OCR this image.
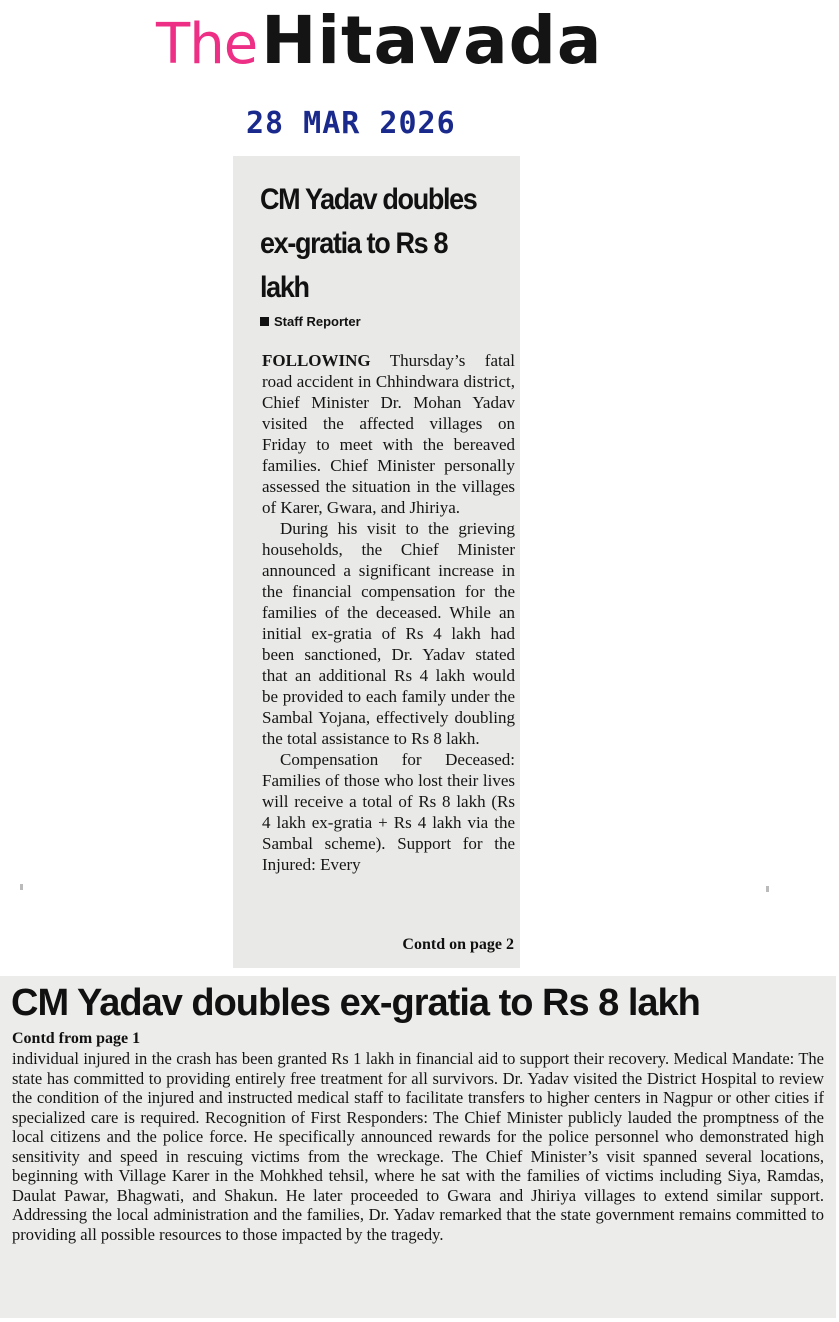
TheHitavada
28 MAR 2026
CM Yadav doubles ex-gratia to Rs 8 lakh
Staff Reporter

FOLLOWING Thursday’s fatal road accident in Chhindwara district, Chief Minister Dr. Mohan Yadav visited the affected villages on Friday to meet with the bereaved families. Chief Minister personally assessed the situation in the villages of Karer, Gwara, and Jhiriya.

During his visit to the grieving households, the Chief Minister announced a significant increase in the financial compensation for the families of the deceased. While an initial ex-gratia of Rs 4 lakh had been sanctioned, Dr. Yadav stated that an additional Rs 4 lakh would be provided to each family under the Sambal Yojana, effectively doubling the total assistance to Rs 8 lakh.

Compensation for Deceased: Families of those who lost their lives will receive a total of Rs 8 lakh (Rs 4 lakh ex-gratia + Rs 4 lakh via the Sambal scheme). Support for the Injured: Every

Contd on page 2
CM Yadav doubles ex-gratia to Rs 8 lakh
Contd from page 1

individual injured in the crash has been granted Rs 1 lakh in financial aid to support their recovery. Medical Mandate: The state has committed to providing entirely free treatment for all survivors. Dr. Yadav visited the District Hospital to review the condition of the injured and instructed medical staff to facilitate transfers to higher centers in Nagpur or other cities if specialized care is required. Recognition of First Responders: The Chief Minister publicly lauded the promptness of the local citizens and the police force. He specifically announced rewards for the police personnel who demonstrated high sensitivity and speed in rescuing victims from the wreckage. The Chief Minister’s visit spanned several locations, beginning with Village Karer in the Mohkhed tehsil, where he sat with the families of victims including Siya, Ramdas, Daulat Pawar, Bhagwati, and Shakun. He later proceeded to Gwara and Jhiriya villages to extend similar support. Addressing the local administration and the families, Dr. Yadav remarked that the state government remains committed to providing all possible resources to those impacted by the tragedy.
